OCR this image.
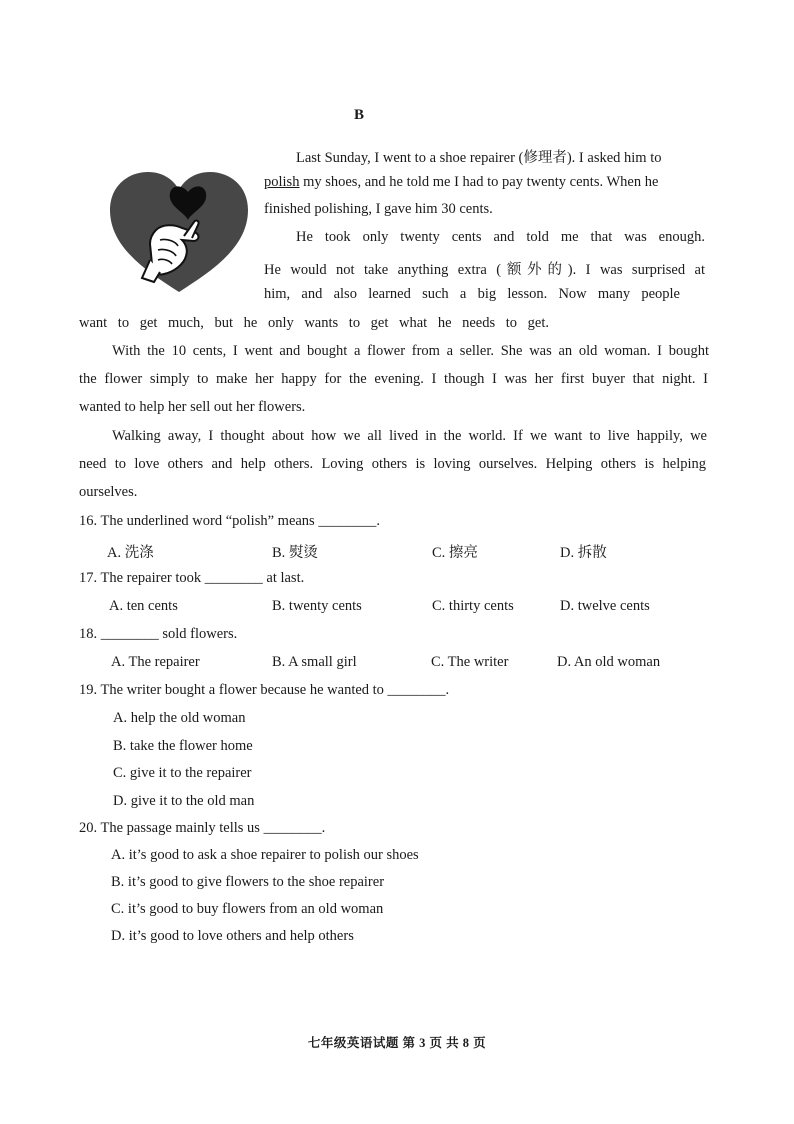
B
Last Sunday, I went to a shoe repairer (修理者). I asked him to
polish my shoes, and he told me I had to pay twenty cents. When he
finished polishing, I gave him 30 cents.
He took only twenty cents and told me that was enough.
He would not take anything extra (额外的). I was surprised at
him, and also learned such a big lesson. Now many people
want to get much, but he only wants to get what he needs to get.
With the 10 cents, I went and bought a flower from a seller. She was an old woman. I bought
the flower simply to make her happy for the evening. I though I was her first buyer that night. I
wanted to help her sell out her flowers.
Walking away, I thought about how we all lived in the world. If we want to live happily, we
need to love others and help others. Loving others is loving ourselves. Helping others is helping
ourselves.
16. The underlined word “polish” means ________.
A. 洗涤	B. 熨烫	C. 擦亮	D. 拆散
17. The repairer took ________ at last.
A. ten cents	B. twenty cents	C. thirty cents	D. twelve cents
18. ________ sold flowers.
A. The repairer	B. A small girl	C. The writer	D. An old woman
19. The writer bought a flower because he wanted to ________.
A. help the old woman
B. take the flower home
C. give it to the repairer
D. give it to the old man
20. The passage mainly tells us ________.
A. it’s good to ask a shoe repairer to polish our shoes
B. it’s good to give flowers to the shoe repairer
C. it’s good to buy flowers from an old woman
D. it’s good to love others and help others
七年级英语试题 第 3 页 共 8 页
